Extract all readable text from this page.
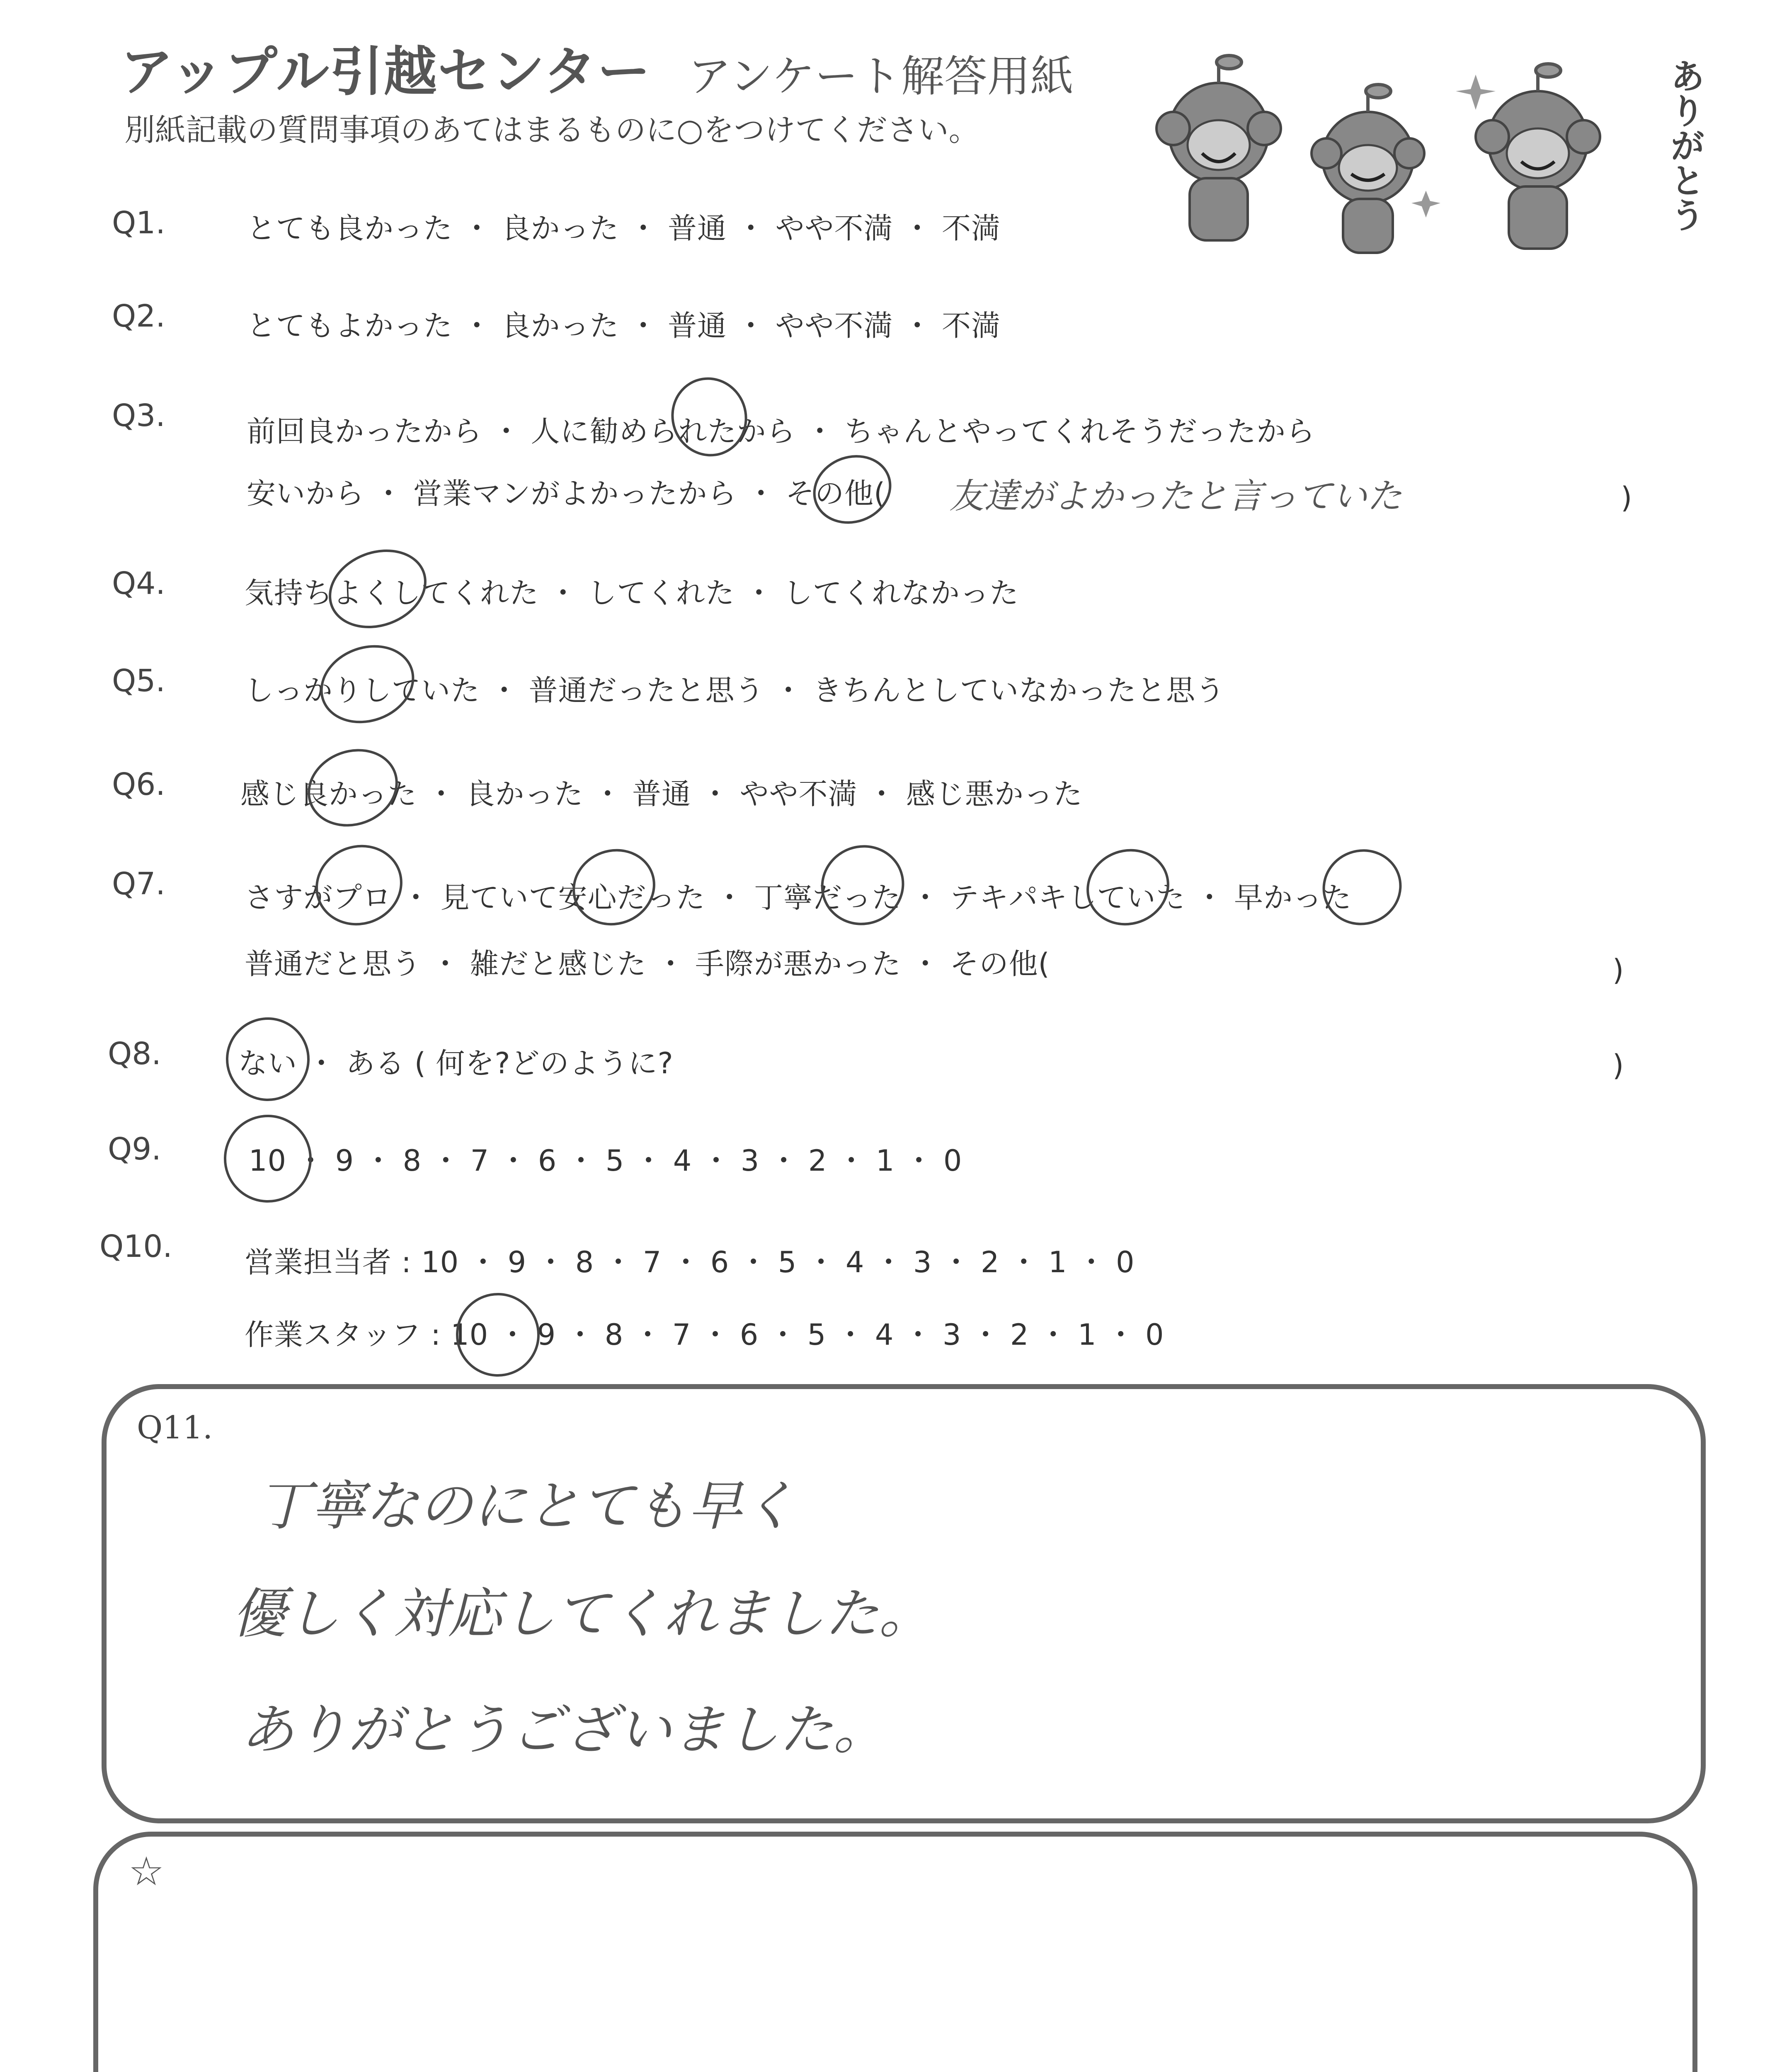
アップル引越センター アンケート解答用紙
別紙記載の質問事項のあてはまるものに○をつけてください。	ありがとう
Q1.	とても良かった ・ 良かった ・ 普通 ・ やや不満 ・ 不満
Q2.	とてもよかった ・ 良かった ・ 普通 ・ やや不満 ・ 不満
Q3.	前回良かったから ・ 人に勧められたから ・ ちゃんとやってくれそうだったから
安いから ・ 営業マンがよかったから ・ その他( 友達がよかったと言っていた	)
Q4.	気持ちよくしてくれた ・ してくれた ・ してくれなかった
Q5.	しっかりしていた ・ 普通だったと思う ・ きちんとしていなかったと思う
Q6.	感じ良かった ・ 良かった ・ 普通 ・ やや不満 ・ 感じ悪かった
Q7.	さすがプロ ・ 見ていて安心だった ・ 丁寧だった ・ テキパキしていた ・ 早かった
普通だと思う ・ 雑だと感じた ・ 手際が悪かった ・ その他(	)
Q8.	ない ・ ある ( 何を?どのように?	)
Q9.	10 ・ 9 ・ 8 ・ 7 ・ 6 ・ 5 ・ 4 ・ 3 ・ 2 ・ 1 ・ 0
Q10. 営業担当者 : 10 ・ 9 ・ 8 ・ 7 ・ 6 ・ 5 ・ 4 ・ 3 ・ 2 ・ 1 ・ 0
作業スタッフ : 10 ・ 9 ・ 8 ・ 7 ・ 6 ・ 5 ・ 4 ・ 3 ・ 2 ・ 1 ・ 0
Q11.
丁寧なのにとても早く
優しく対応してくれました。
ありがとうございました。
☆
